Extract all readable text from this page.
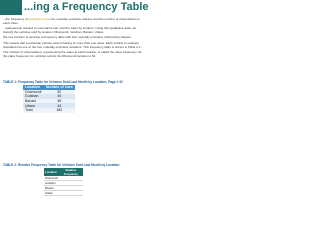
...ing a Frequency Table

...the frequency of qualitative data into mutually exclusive classes and the number of observations in each class.

...salesperson wanted to summarize last month's sales by location. Using this qualitative data, we classify the vehicles sold by location: Dhamondi, Gulshan, Banani, Uttara.

We use location to develop a frequency table with four mutually exclusive (distinctive) classes.

This means that a particular vehicle cannot belong to more than one class. Each vehicle is uniquely classified into one of the four mutually exclusive locations. This frequency table is shown in Table 2.1.

The number of observations, representing the sales at each location, is called the class frequency. So the class frequency for vehicles sold at the Dhamondi location is 52.

TABLE 1: Frequency Table for Vehicles Sold Last Month by Location, Page # 32
Location	Number of Cars
Dhamondi	52
Gulshan	40
Banani	45
Uttara	43
Total	180
TABLE 2: Relative Frequency Table for Vehicles Sold Last Month by Location
Location	Relative Frequency
Dhamondi	
Gulshan	
Banani	
Uttara	
